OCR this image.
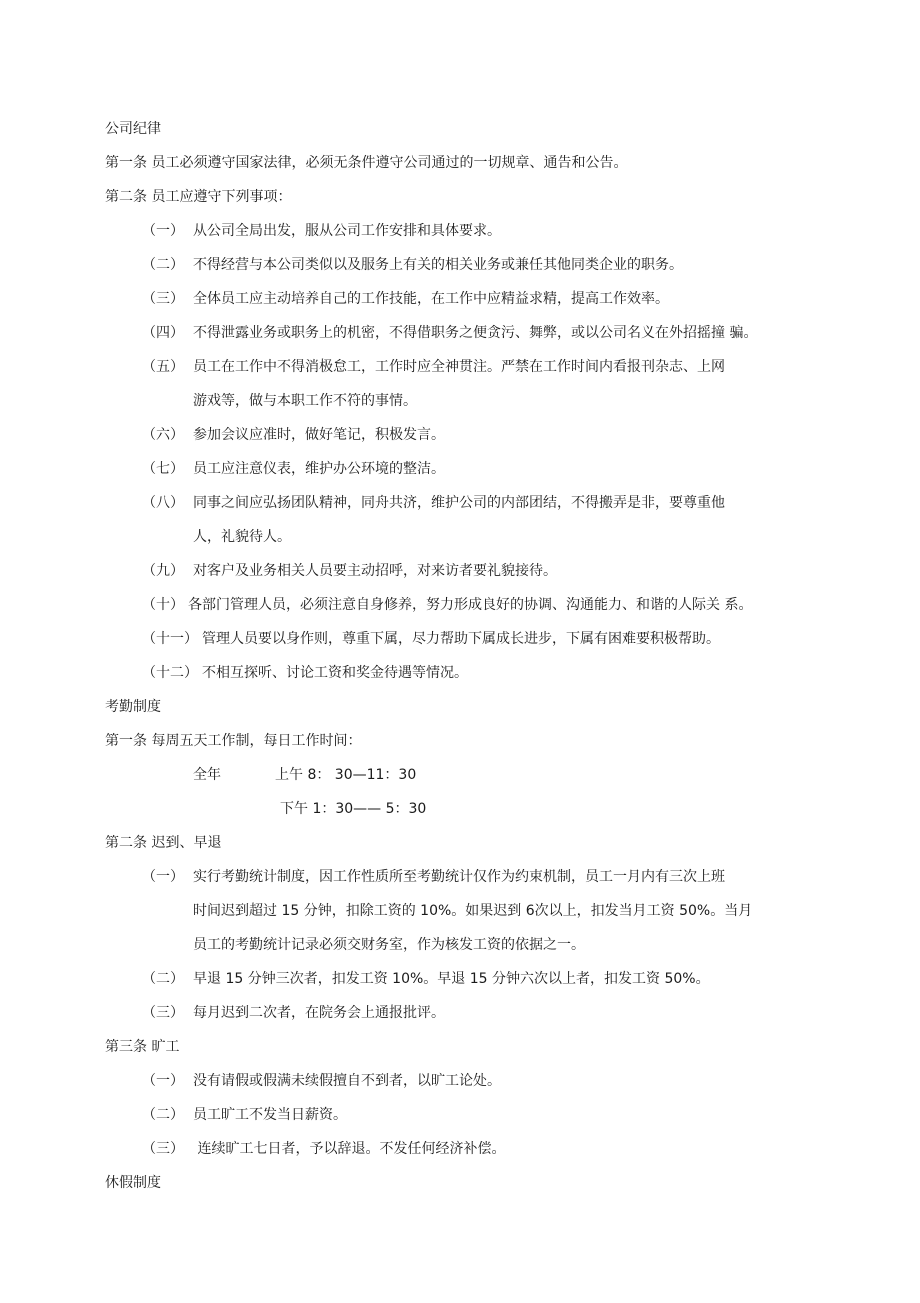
公司纪律
第一条 员工必须遵守国家法律，必须无条件遵守公司通过的一切规章、通告和公告。
第二条 员工应遵守下列事项：
（一） 从公司全局出发，服从公司工作安排和具体要求。
（二） 不得经营与本公司类似以及服务上有关的相关业务或兼任其他同类企业的职务。
（三） 全体员工应主动培养自己的工作技能，在工作中应精益求精，提高工作效率。
（四） 不得泄露业务或职务上的机密，不得借职务之便贪污、舞弊，或以公司名义在外招摇撞 骗。
（五） 员工在工作中不得消极怠工，工作时应全神贯注。严禁在工作时间内看报刊杂志、上网
游戏等，做与本职工作不符的事情。
（六） 参加会议应准时，做好笔记，积极发言。
（七） 员工应注意仪表，维护办公环境的整洁。
（八） 同事之间应弘扬团队精神，同舟共济，维护公司的内部团结，不得搬弄是非，要尊重他
人，礼貌待人。
（九） 对客户及业务相关人员要主动招呼，对来访者要礼貌接待。
（十） 各部门管理人员，必须注意自身修养，努力形成良好的协调、沟通能力、和谐的人际关 系。
（十一） 管理人员要以身作则，尊重下属，尽力帮助下属成长进步，下属有困难要积极帮助。
（十二） 不相互探听、讨论工资和奖金待遇等情况。
考勤制度
第一条 每周五天工作制，每日工作时间：
全年	上午 8： 30—11：30
下午 1：30—— 5：30
第二条 迟到、早退
（一） 实行考勤统计制度，因工作性质所至考勤统计仅作为约束机制，员工一月内有三次上班
时间迟到超过 15 分钟，扣除工资的 10%。如果迟到 6次以上，扣发当月工资 50%。当月
员工的考勤统计记录必须交财务室，作为核发工资的依据之一。
（二） 早退 15 分钟三次者，扣发工资 10%。早退 15 分钟六次以上者，扣发工资 50%。
（三） 每月迟到二次者，在院务会上通报批评。
第三条 旷工
（一） 没有请假或假满未续假擅自不到者，以旷工论处。
（二） 员工旷工不发当日薪资。
（三） 连续旷工七日者，予以辞退。不发任何经济补偿。
休假制度
